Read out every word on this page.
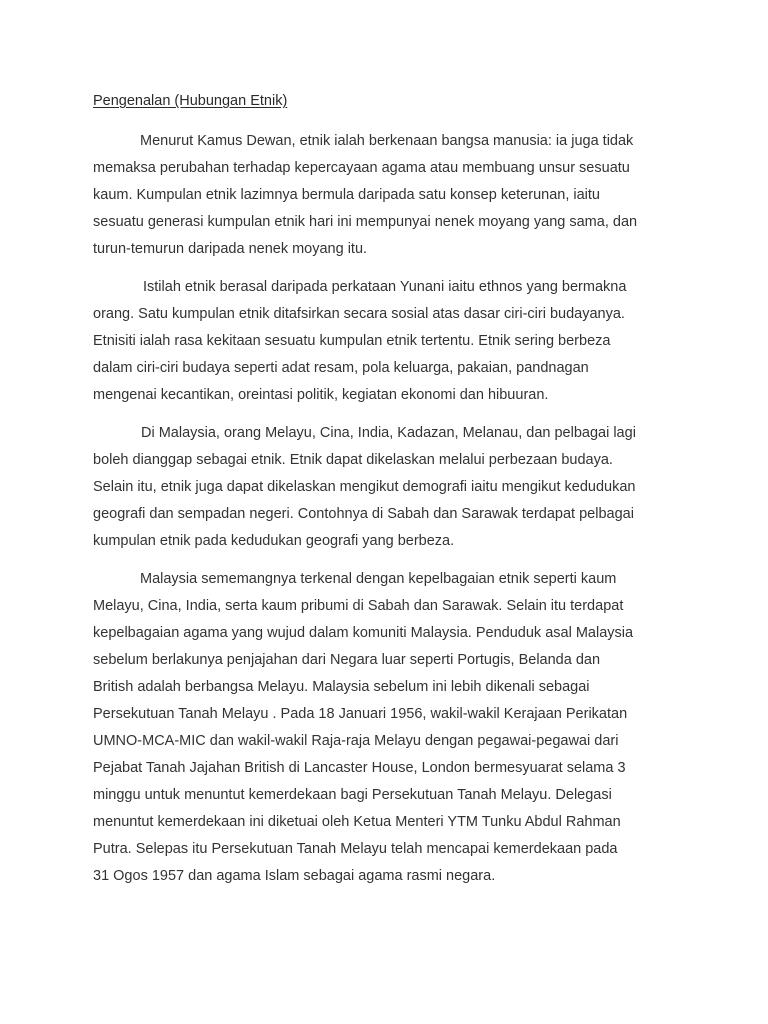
Pengenalan (Hubungan Etnik)

Menurut Kamus Dewan, etnik ialah berkenaan bangsa manusia: ia juga tidak
memaksa perubahan terhadap kepercayaan agama atau membuang unsur sesuatu
kaum. Kumpulan etnik lazimnya bermula daripada satu konsep keterunan, iaitu
sesuatu generasi kumpulan etnik hari ini mempunyai nenek moyang yang sama, dan
turun-temurun daripada nenek moyang itu.

Istilah etnik berasal daripada perkataan Yunani iaitu ethnos yang bermakna
orang. Satu kumpulan etnik ditafsirkan secara sosial atas dasar ciri-ciri budayanya.
Etnisiti ialah rasa kekitaan sesuatu kumpulan etnik tertentu. Etnik sering berbeza
dalam ciri-ciri budaya seperti adat resam, pola keluarga, pakaian, pandnagan
mengenai kecantikan, oreintasi politik, kegiatan ekonomi dan hibuuran.

Di Malaysia, orang Melayu, Cina, India, Kadazan, Melanau, dan pelbagai lagi
boleh dianggap sebagai etnik. Etnik dapat dikelaskan melalui perbezaan budaya.
Selain itu, etnik juga dapat dikelaskan mengikut demografi iaitu mengikut kedudukan
geografi dan sempadan negeri. Contohnya di Sabah dan Sarawak terdapat pelbagai
kumpulan etnik pada kedudukan geografi yang berbeza.

Malaysia sememangnya terkenal dengan kepelbagaian etnik seperti kaum
Melayu, Cina, India, serta kaum pribumi di Sabah dan Sarawak. Selain itu terdapat
kepelbagaian agama yang wujud dalam komuniti Malaysia. Penduduk asal Malaysia
sebelum berlakunya penjajahan dari Negara luar seperti Portugis, Belanda dan
British adalah berbangsa Melayu. Malaysia sebelum ini lebih dikenali sebagai
Persekutuan Tanah Melayu . Pada 18 Januari 1956, wakil-wakil Kerajaan Perikatan
UMNO-MCA-MIC dan wakil-wakil Raja-raja Melayu dengan pegawai-pegawai dari
Pejabat Tanah Jajahan British di Lancaster House, London bermesyuarat selama 3
minggu untuk menuntut kemerdekaan bagi Persekutuan Tanah Melayu. Delegasi
menuntut kemerdekaan ini diketuai oleh Ketua Menteri YTM Tunku Abdul Rahman
Putra. Selepas itu Persekutuan Tanah Melayu telah mencapai kemerdekaan pada
31 Ogos 1957 dan agama Islam sebagai agama rasmi negara.
